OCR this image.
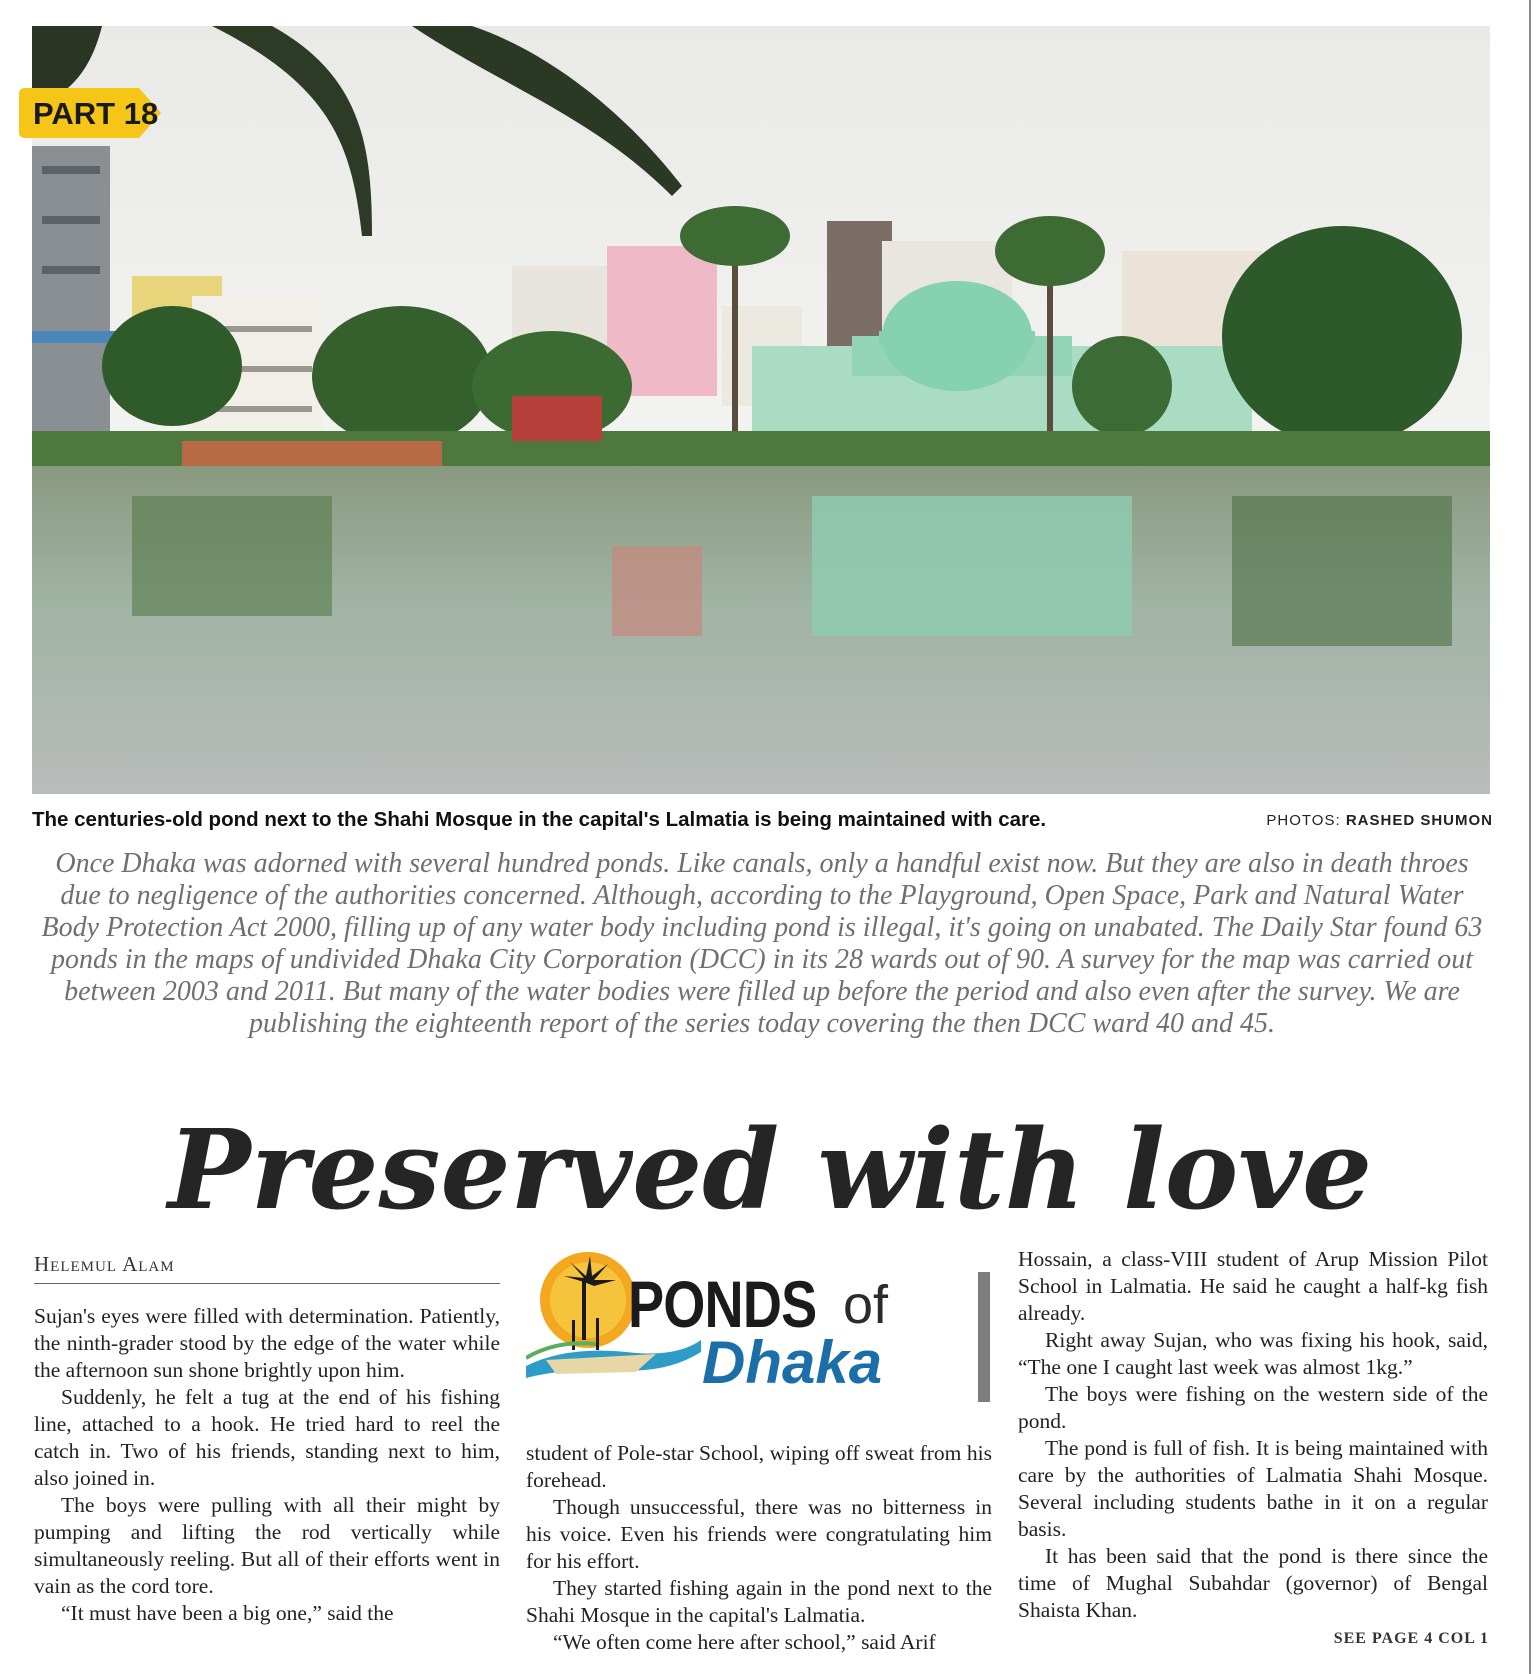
PART 18
The centuries-old pond next to the Shahi Mosque in the capital's Lalmatia is being maintained with care.	PHOTOS: RASHED SHUMON
Once Dhaka was adorned with several hundred ponds. Like canals, only a handful exist now. But they are also in death throes due to negligence of the authorities concerned. Although, according to the Playground, Open Space, Park and Natural Water Body Protection Act 2000, filling up of any water body including pond is illegal, it's going on unabated. The Daily Star found 63 ponds in the maps of undivided Dhaka City Corporation (DCC) in its 28 wards out of 90. A survey for the map was carried out between 2003 and 2011. But many of the water bodies were filled up before the period and also even after the survey. We are publishing the eighteenth report of the series today covering the then DCC ward 40 and 45.
Preserved with love
Helemul Alam

Sujan's eyes were filled with determination. Patiently, the ninth-grader stood by the edge of the water while the afternoon sun shone brightly upon him.

Suddenly, he felt a tug at the end of his fishing line, attached to a hook. He tried hard to reel the catch in. Two of his friends, standing next to him, also joined in.

The boys were pulling with all their might by pumping and lifting the rod vertically while simultaneously reeling. But all of their efforts went in vain as the cord tore.

“It must have been a big one,” said the

PONDS of
Dhaka

student of Pole-star School, wiping off sweat from his forehead.

Though unsuccessful, there was no bitterness in his voice. Even his friends were congratulating him for his effort.

They started fishing again in the pond next to the Shahi Mosque in the capital's Lalmatia.

“We often come here after school,” said Arif

Hossain, a class-VIII student of Arup Mission Pilot School in Lalmatia. He said he caught a half-kg fish already.

Right away Sujan, who was fixing his hook, said, “The one I caught last week was almost 1kg.”

The boys were fishing on the western side of the pond.

The pond is full of fish. It is being maintained with care by the authorities of Lalmatia Shahi Mosque. Several including students bathe in it on a regular basis.

It has been said that the pond is there since the time of Mughal Subahdar (governor) of Bengal Shaista Khan.

SEE PAGE 4 COL 1
